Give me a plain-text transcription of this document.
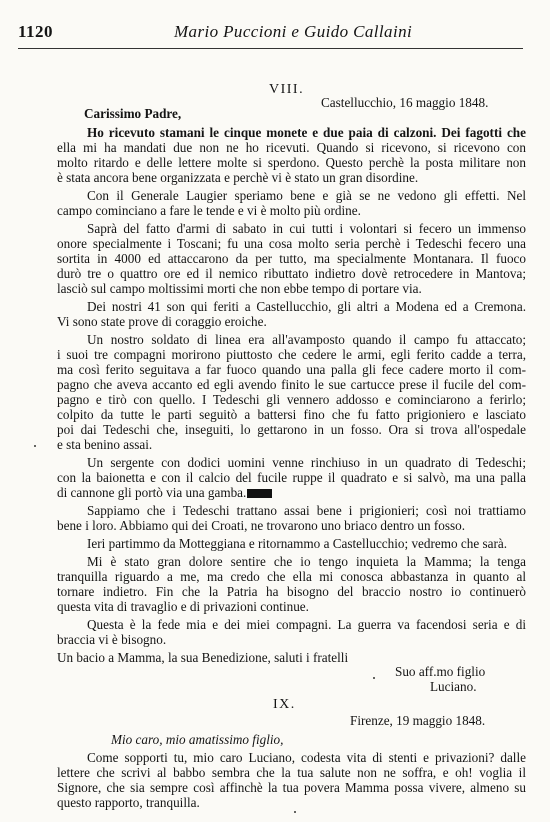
1120	Mario Puccioni e Guido Callaini
VIII.
Castellucchio, 16 maggio 1848.
Carissimo Padre,
Ho ricevuto stamani le cinque monete e due paia di calzoni. Dei fagotti che
ella mi ha mandati due non ne ho ricevuti. Quando si ricevono, si ricevono con
molto ritardo e delle lettere molte si sperdono. Questo perchè la posta militare non
è stata ancora bene organizzata e perchè vi è stato un gran disordine.
Con il Generale Laugier speriamo bene e già se ne vedono gli effetti. Nel
campo cominciano a fare le tende e vi è molto più ordine.
Saprà del fatto d'armi di sabato in cui tutti i volontari si fecero un immenso
onore specialmente i Toscani; fu una cosa molto seria perchè i Tedeschi fecero una
sortita in 4000 ed attaccarono da per tutto, ma specialmente Montanara. Il fuoco
durò tre o quattro ore ed il nemico ributtato indietro dovè retrocedere in Mantova;
lasciò sul campo moltissimi morti che non ebbe tempo di portare via.
Dei nostri 41 son qui feriti a Castellucchio, gli altri a Modena ed a Cremona.
Vi sono state prove di coraggio eroiche.
Un nostro soldato di linea era all'avamposto quando il campo fu attaccato;
i suoi tre compagni morirono piuttosto che cedere le armi, egli ferito cadde a terra,
ma così ferito seguitava a far fuoco quando una palla gli fece cadere morto il com-
pagno che aveva accanto ed egli avendo finito le sue cartucce prese il fucile del com-
pagno e tirò con quello. I Tedeschi gli vennero addosso e cominciarono a ferirlo;
colpito da tutte le parti seguitò a battersi fino che fu fatto prigioniero e lasciato
poi dai Tedeschi che, inseguiti, lo gettarono in un fosso. Ora si trova all'ospedale
e sta benino assai.
Un sergente con dodici uomini venne rinchiuso in un quadrato di Tedeschi;
con la baionetta e con il calcio del fucile ruppe il quadrato e si salvò, ma una palla
di cannone gli portò via una gamba.
Sappiamo che i Tedeschi trattano assai bene i prigionieri; così noi trattiamo
bene i loro. Abbiamo qui dei Croati, ne trovarono uno briaco dentro un fosso.
Ieri partimmo da Motteggiana e ritornammo a Castellucchio; vedremo che sarà.
Mi è stato gran dolore sentire che io tengo inquieta la Mamma; la tenga
tranquilla riguardo a me, ma credo che ella mi conosca abbastanza in quanto al
tornare indietro. Fin che la Patria ha bisogno del braccio nostro io continuerò
questa vita di travaglio e di privazioni continue.
Questa è la fede mia e dei miei compagni. La guerra va facendosi seria e di
braccia vi è bisogno.
Un bacio a Mamma, la sua Benedizione, saluti i fratelli
Suo aff.mo figlio
Luciano.
IX.
Firenze, 19 maggio 1848.
Mio caro, mio amatissimo figlio,
Come sopporti tu, mio caro Luciano, codesta vita di stenti e privazioni? dalle
lettere che scrivi al babbo sembra che la tua salute non ne soffra, e oh! voglia il
Signore, che sia sempre così affinchè la tua povera Mamma possa vivere, almeno su
questo rapporto, tranquilla.
